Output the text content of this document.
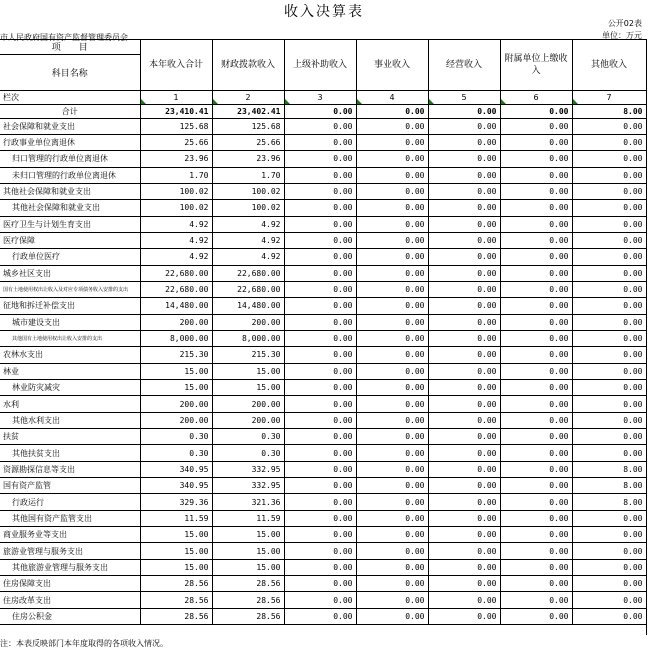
收入决算表
公开02表
单位：万元
市人民政府国有资产监督管理委员会
项　　目	本年收入合计	财政拨款收入	上级补助收入	事业收入	经营收入	附属单位上缴收入	其他收入
科目名称							
栏次	1	2	3	4	5	6	7

合计	23,410.41	23,402.41	0.00	0.00	0.00	0.00	8.00
社会保障和就业支出	125.68	125.68	0.00	0.00	0.00	0.00	0.00
行政事业单位离退休	25.66	25.66	0.00	0.00	0.00	0.00	0.00
归口管理的行政单位离退休	23.96	23.96	0.00	0.00	0.00	0.00	0.00
未归口管理的行政单位离退休	1.70	1.70	0.00	0.00	0.00	0.00	0.00
其他社会保障和就业支出	100.02	100.02	0.00	0.00	0.00	0.00	0.00
其他社会保障和就业支出	100.02	100.02	0.00	0.00	0.00	0.00	0.00
医疗卫生与计划生育支出	4.92	4.92	0.00	0.00	0.00	0.00	0.00
医疗保障	4.92	4.92	0.00	0.00	0.00	0.00	0.00
行政单位医疗	4.92	4.92	0.00	0.00	0.00	0.00	0.00
城乡社区支出	22,680.00	22,680.00	0.00	0.00	0.00	0.00	0.00
国有土地使用权出让收入及对应专项债务收入安排的支出	22,680.00	22,680.00	0.00	0.00	0.00	0.00	0.00
征地和拆迁补偿支出	14,480.00	14,480.00	0.00	0.00	0.00	0.00	0.00
城市建设支出	200.00	200.00	0.00	0.00	0.00	0.00	0.00
其他国有土地使用权出让收入安排的支出	8,000.00	8,000.00	0.00	0.00	0.00	0.00	0.00
农林水支出	215.30	215.30	0.00	0.00	0.00	0.00	0.00
林业	15.00	15.00	0.00	0.00	0.00	0.00	0.00
林业防灾减灾	15.00	15.00	0.00	0.00	0.00	0.00	0.00
水利	200.00	200.00	0.00	0.00	0.00	0.00	0.00
其他水利支出	200.00	200.00	0.00	0.00	0.00	0.00	0.00
扶贫	0.30	0.30	0.00	0.00	0.00	0.00	0.00
其他扶贫支出	0.30	0.30	0.00	0.00	0.00	0.00	0.00
资源勘探信息等支出	340.95	332.95	0.00	0.00	0.00	0.00	8.00
国有资产监管	340.95	332.95	0.00	0.00	0.00	0.00	8.00
行政运行	329.36	321.36	0.00	0.00	0.00	0.00	8.00
其他国有资产监管支出	11.59	11.59	0.00	0.00	0.00	0.00	0.00
商业服务业等支出	15.00	15.00	0.00	0.00	0.00	0.00	0.00
旅游业管理与服务支出	15.00	15.00	0.00	0.00	0.00	0.00	0.00
其他旅游业管理与服务支出	15.00	15.00	0.00	0.00	0.00	0.00	0.00
住房保障支出	28.56	28.56	0.00	0.00	0.00	0.00	0.00
住房改革支出	28.56	28.56	0.00	0.00	0.00	0.00	0.00
住房公积金	28.56	28.56	0.00	0.00	0.00	0.00	0.00
注：本表反映部门本年度取得的各项收入情况。
